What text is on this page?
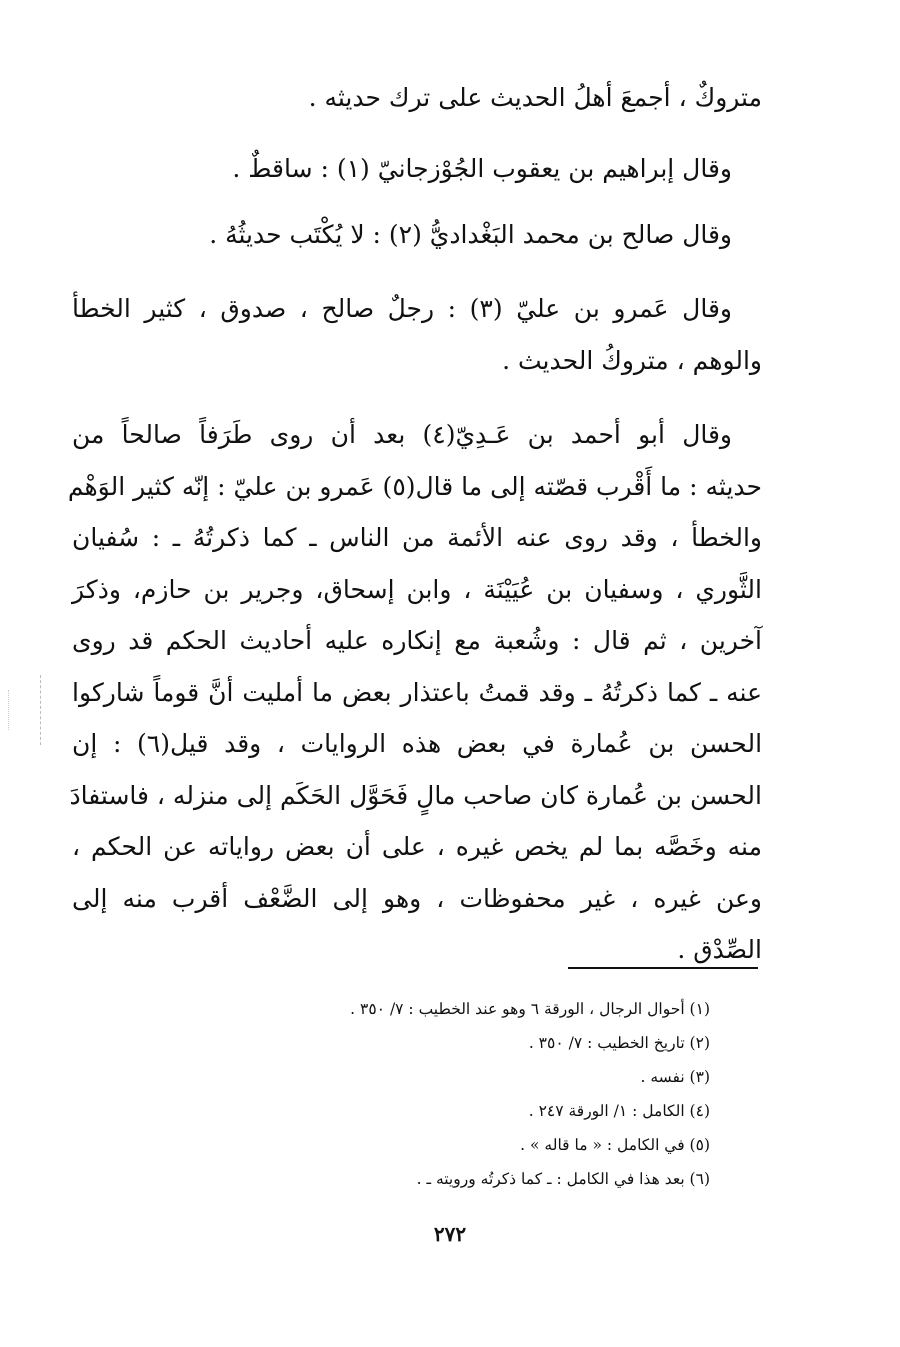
متروكٌ ، أجمعَ أهلُ الحديث على ترك حديثه .
وقال إبراهيم بن يعقوب الجُوْزجانيّ (١) : ساقطٌ .
وقال صالح بن محمد البَغْداديُّ (٢) : لا يُكْتَب حديثُهُ .
وقال عَمرو بن عليّ (٣) : رجلٌ صالح ، صدوق ، كثير الخطأ
والوهم ، متروكُ الحديث .
وقال أبو أحمد بن عَـدِيّ(٤) بعد أن روى طَرَفاً صالحاً من
حديثه : ما أَقْرب قصّته إلى ما قال(٥) عَمرو بن عليّ : إنّه كثير الوَهْم
والخطأ ، وقد روى عنه الأئمة من الناس ـ كما ذكرتُهُ ـ : سُفيان
الثَّوري ، وسفيان بن عُيَيْنَة ، وابن إسحاق، وجرير بن حازم، وذكرَ
آخرين ، ثم قال : وشُعبة مع إنكاره عليه أحاديث الحكم قد روى
عنه ـ كما ذكرتُهُ ـ وقد قمتُ باعتذار بعض ما أمليت أنَّ قوماً شاركوا
الحسن بن عُمارة في بعض هذه الروايات ، وقد قيل(٦) : إن
الحسن بن عُمارة كان صاحب مالٍ فَحَوَّل الحَكَم إلى منزله ، فاستفادَ
منه وخَصَّه بما لم يخص غيره ، على أن بعض رواياته عن الحكم ،
وعن غيره ، غير محفوظات ، وهو إلى الضَّعْف أقرب منه إلى
الصِّدْق .
(١) أحوال الرجال ، الورقة ٦ وهو عند الخطيب : ٧/ ٣٥٠ .
(٢) تاريخ الخطيب : ٧/ ٣٥٠ .
(٣) نفسه .
(٤) الكامل : ١/ الورقة ٢٤٧ .
(٥) في الكامل : « ما قاله » .
(٦) بعد هذا في الكامل : ـ كما ذكرتُه ورويته ـ .
٢٧٢
